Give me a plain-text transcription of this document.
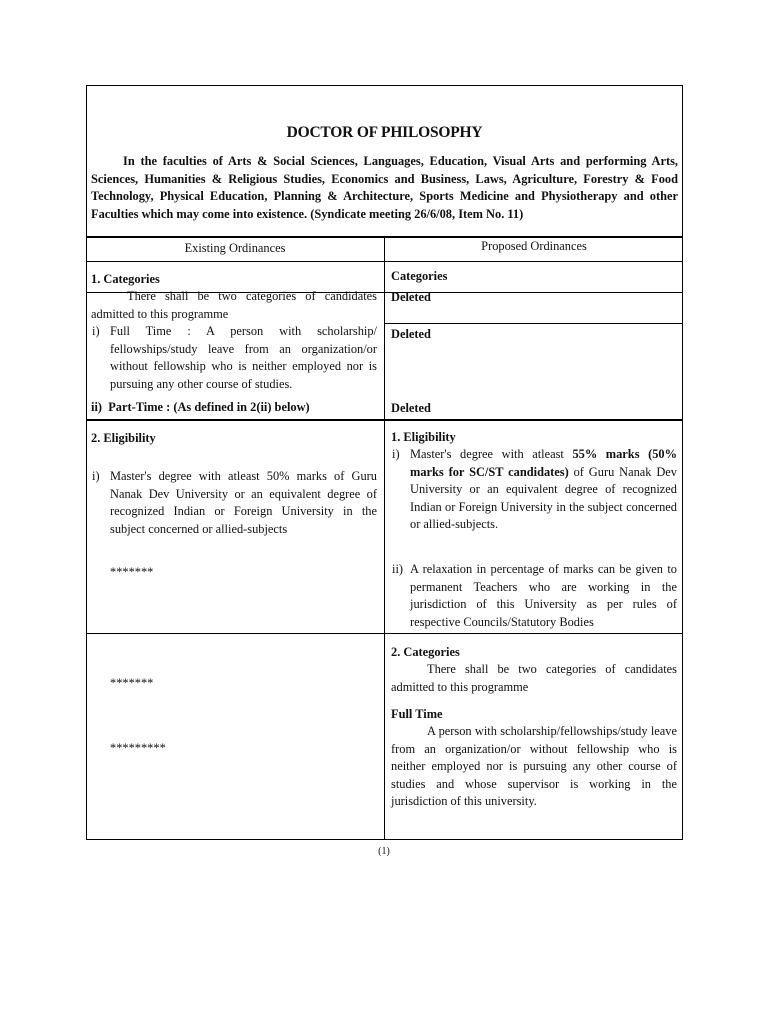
DOCTOR OF PHILOSOPHY
In the faculties of Arts & Social Sciences, Languages, Education, Visual Arts and performing Arts, Sciences, Humanities & Religious Studies, Economics and Business, Laws, Agriculture, Forestry & Food Technology, Physical Education, Planning & Architecture, Sports Medicine and Physiotherapy and other Faculties which may come into existence. (Syndicate meeting 26/6/08, Item No. 11)
Existing Ordinances	Proposed Ordinances
1. Categories
There shall be two categories of candidates admitted to this programme
i) Full Time : A person with scholarship/ fellowships/study leave from an organization/or without fellowship who is neither employed nor is pursuing any other course of studies.
ii) Part-Time : (As defined in 2(ii) below)
Categories
Deleted
Deleted
Deleted
2. Eligibility
i) Master's degree with atleast 50% marks of Guru Nanak Dev University or an equivalent degree of recognized Indian or Foreign University in the subject concerned or allied-subjects
*******
1. Eligibility
i) Master's degree with atleast 55% marks (50% marks for SC/ST candidates) of Guru Nanak Dev University or an equivalent degree of recognized Indian or Foreign University in the subject concerned or allied-subjects.
ii) A relaxation in percentage of marks can be given to permanent Teachers who are working in the jurisdiction of this University as per rules of respective Councils/Statutory Bodies
*******
*********
2. Categories
There shall be two categories of candidates admitted to this programme
Full Time
A person with scholarship/fellowships/study leave from an organization/or without fellowship who is neither employed nor is pursuing any other course of studies and whose supervisor is working in the jurisdiction of this university.
(1)
